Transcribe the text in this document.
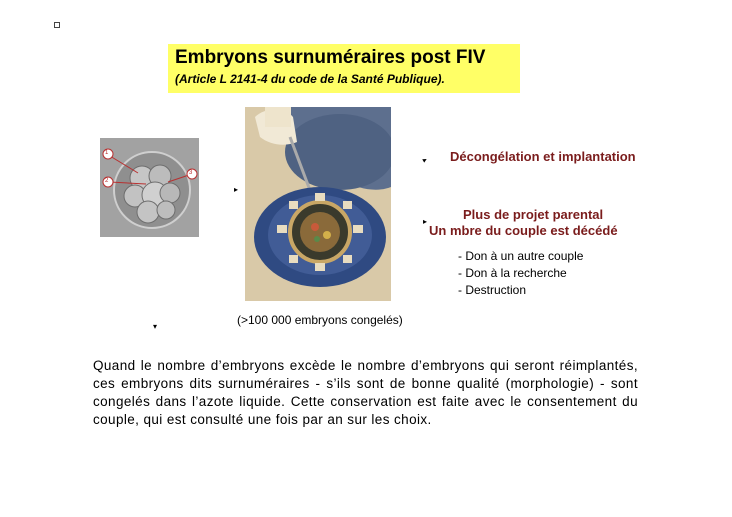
Embryons surnuméraires post FIV
(Article L 2141-4 du code de la Santé Publique).
1
2
3
▸
▸
▸
▾
Décongélation et implantation
Plus de projet parental
Un mbre du couple est décédé
- Don à un autre couple
- Don à la recherche
- Destruction
(>100 000 embryons congelés)
Quand le nombre d’embryons excède le nombre d’embryons qui seront réimplantés, ces embryons dits surnuméraires - s’ils sont de bonne qualité (morphologie) - sont congelés dans l’azote liquide. Cette conservation est faite avec le consentement du couple, qui est consulté une fois par an sur les choix.
